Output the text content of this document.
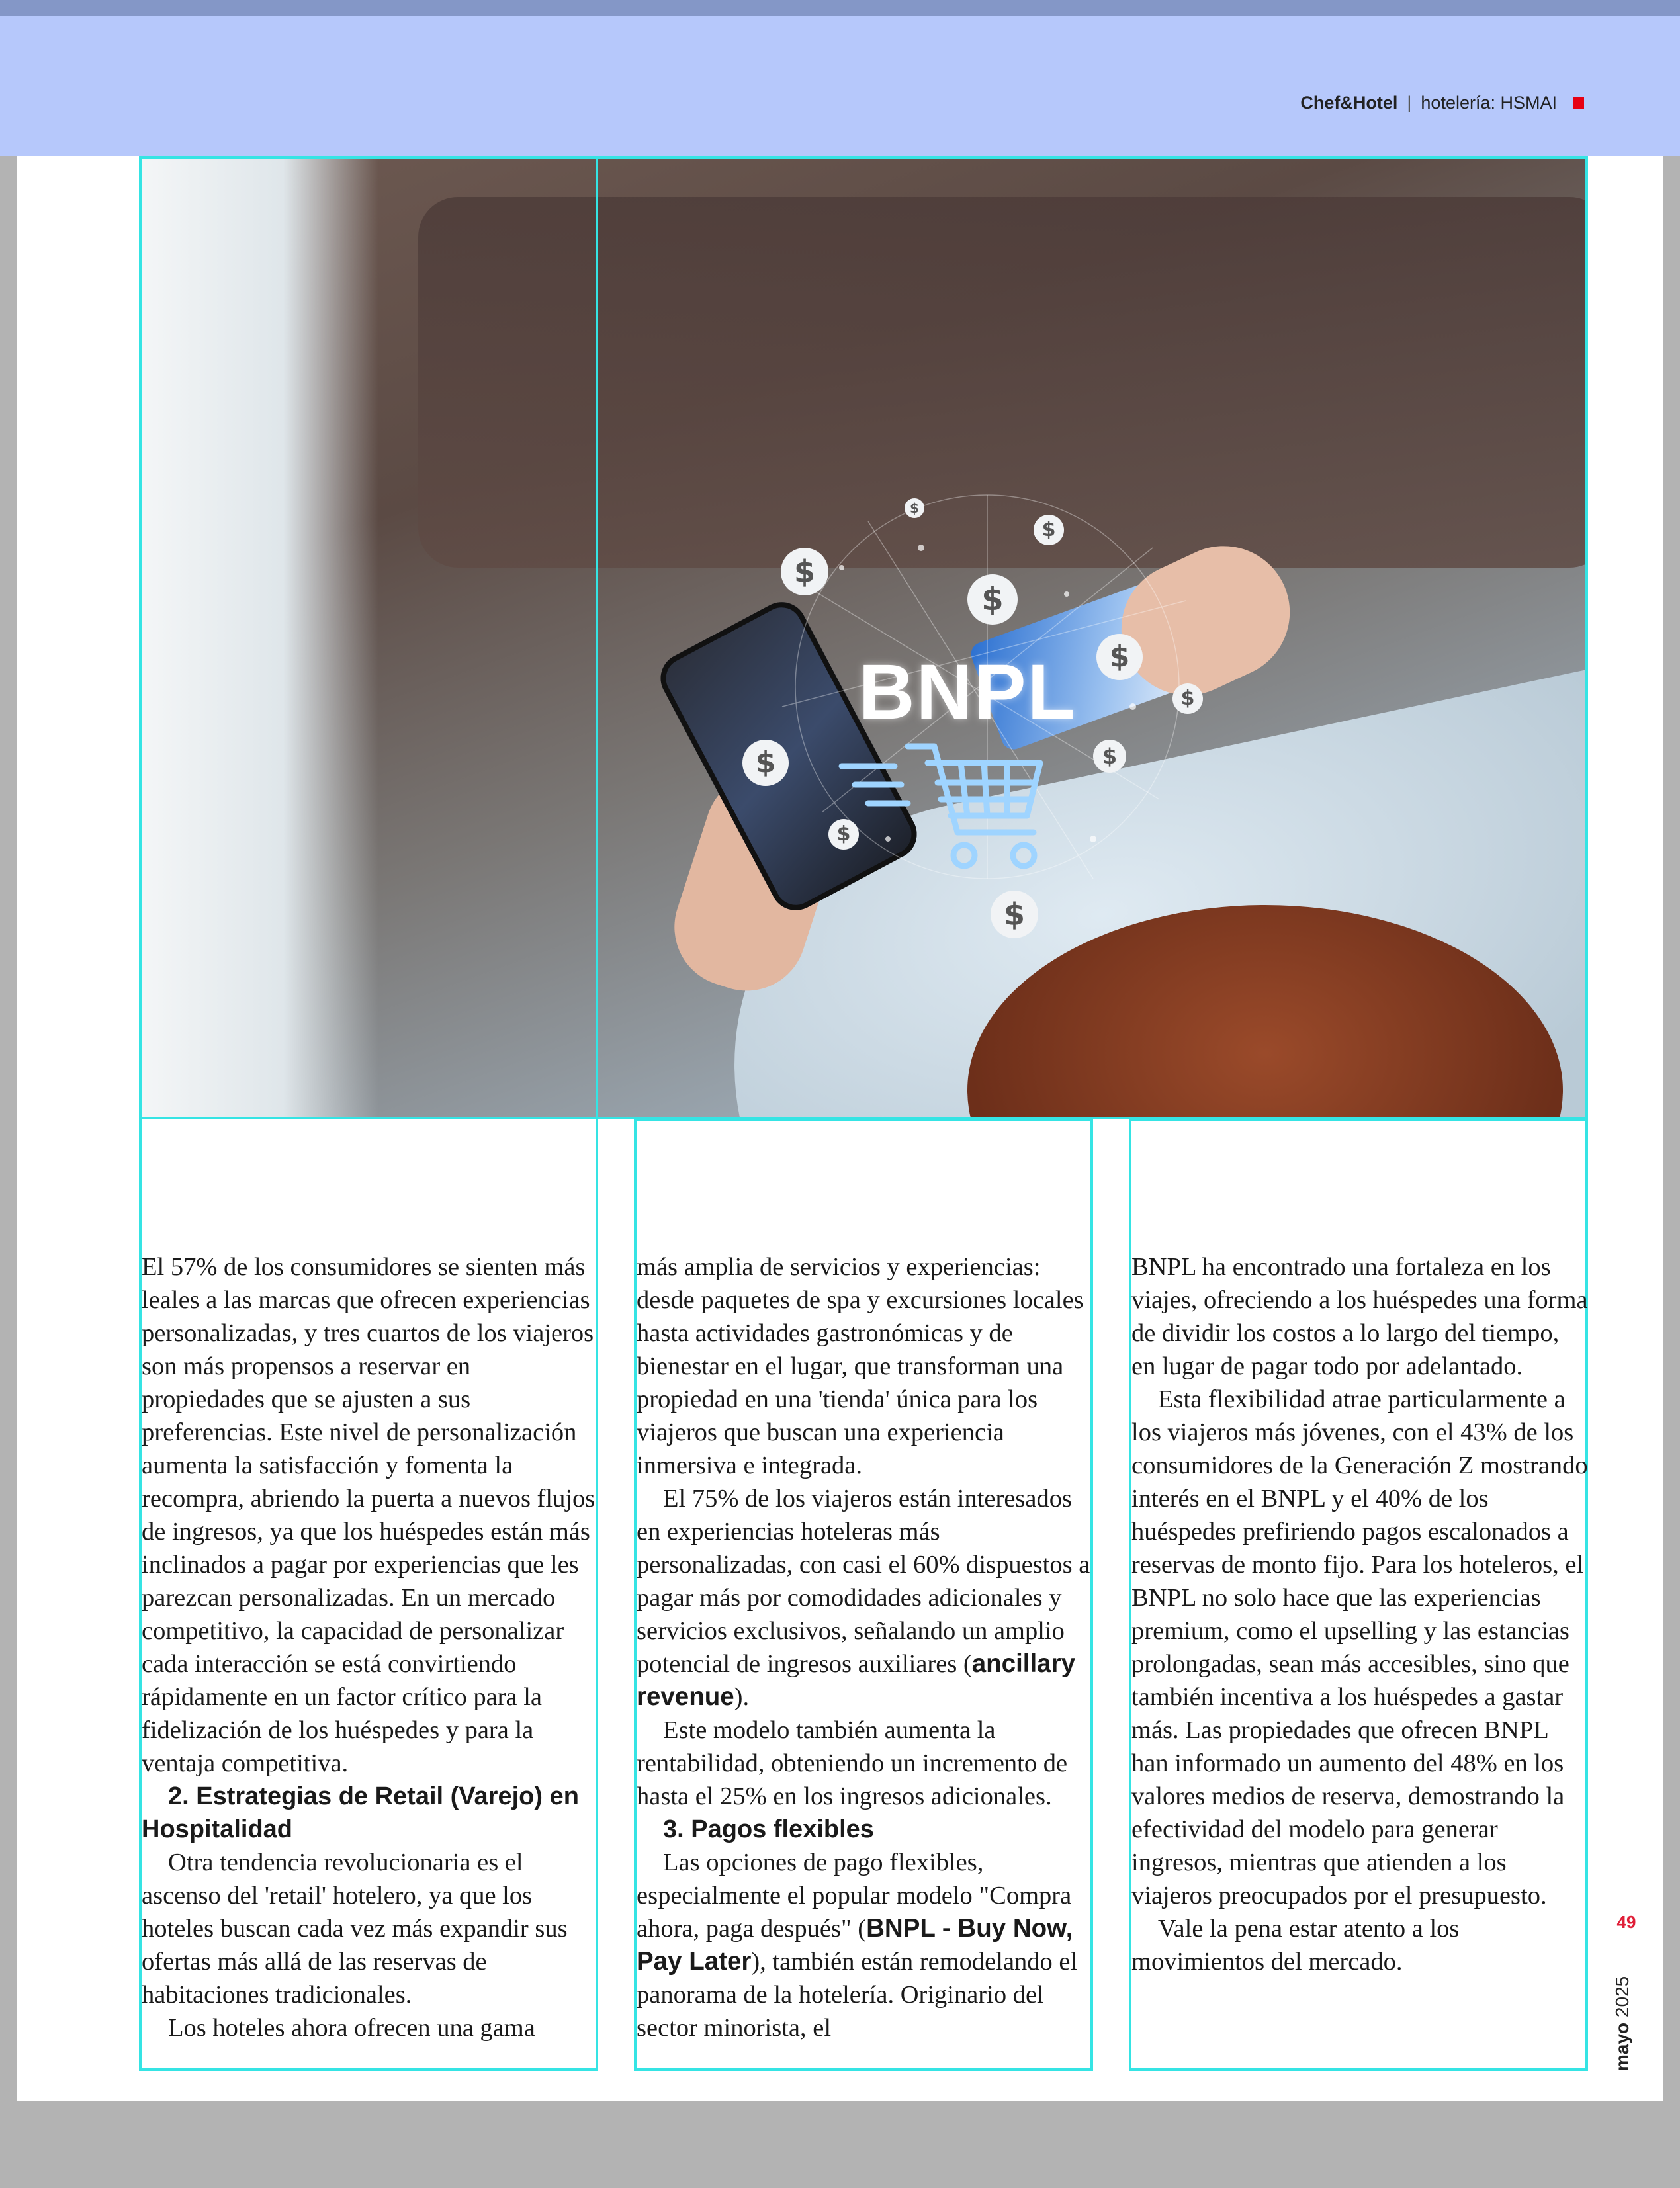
Chef&Hotel | hotelería: HSMAI
$
$
$
$
$
$
$
$
$
$
BNPL

El 57% de los consumidores se sienten más leales a las marcas que ofrecen experiencias personalizadas, y tres cuartos de los viajeros son más propensos a reservar en propiedades que se ajusten a sus preferencias. Este nivel de personalización aumenta la satisfacción y fomenta la recompra, abriendo la puerta a nuevos flujos de ingresos, ya que los huéspedes están más inclinados a pagar por experiencias que les parezcan personalizadas. En un mercado competitivo, la capacidad de personalizar cada interacción se está convirtiendo rápidamente en un factor crítico para la fidelización de los huéspedes y para la ventaja competitiva.

2. Estrategias de Retail (Varejo) en Hospitalidad

Otra tendencia revolucionaria es el ascenso del 'retail' hotelero, ya que los hoteles buscan cada vez más expandir sus ofertas más allá de las reservas de habitaciones tradicionales.

Los hoteles ahora ofrecen una gama

más amplia de servicios y experiencias: desde paquetes de spa y excursiones locales hasta actividades gastronómicas y de bienestar en el lugar, que transforman una propiedad en una 'tienda' única para los viajeros que buscan una experiencia inmersiva e integrada.

El 75% de los viajeros están interesados en experiencias hoteleras más personalizadas, con casi el 60% dispuestos a pagar más por comodidades adicionales y servicios exclusivos, señalando un amplio potencial de ingresos auxiliares (ancillary revenue).

Este modelo también aumenta la rentabilidad, obteniendo un incremento de hasta el 25% en los ingresos adicionales.

3. Pagos flexibles

Las opciones de pago flexibles, especialmente el popular modelo "Compra ahora, paga después" (BNPL - Buy Now, Pay Later), también están remodelando el panorama de la hotelería. Originario del sector minorista, el

BNPL ha encontrado una fortaleza en los viajes, ofreciendo a los huéspedes una forma de dividir los costos a lo largo del tiempo, en lugar de pagar todo por adelantado.

Esta flexibilidad atrae particularmente a los viajeros más jóvenes, con el 43% de los consumidores de la Generación Z mostrando interés en el BNPL y el 40% de los huéspedes prefiriendo pagos escalonados a reservas de monto fijo. Para los hoteleros, el BNPL no solo hace que las experiencias premium, como el upselling y las estancias prolongadas, sean más accesibles, sino que también incentiva a los huéspedes a gastar más. Las propiedades que ofrecen BNPL han informado un aumento del 48% en los valores medios de reserva, demostrando la efectividad del modelo para generar ingresos, mientras que atienden a los viajeros preocupados por el presupuesto.

Vale la pena estar atento a los movimientos del mercado.

49
mayo 2025
